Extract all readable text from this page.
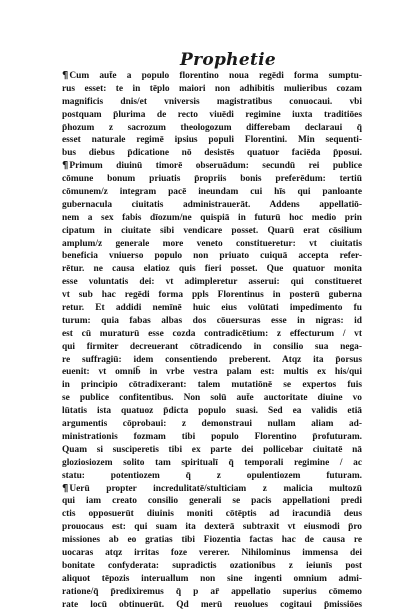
Prophetie
¶Cum aut̄e a populo florentino noua regēdi forma sumptu-
rus esset: te in tēplo maiori non adhibitis mulieribus cozam
magnificis dnis/et vniversis magistratibus conuocaui. vbi
postquam p̄lurima de recto viuēdi regimine iuxta traditiōes
p̄hozum z sacrozum theologozum differebam declaraui q̄
esset naturale regimē ipsius populi Florentini. Min sequenti-
bus diebus p̄dicatione nō desistēs quatuor faciēda p̄posui.
¶Primum diuinū timorē obseruādum: secundū rei publice
cōmune bonum priuatis p̄ropriis bonis preferēdum: tertiū
cōmunem/z integram pacē ineundam cui hīs qui panloante
gubernacula ciuitatis administrauerāt. Addens appellatiō-
nem a sex fabis dīozum/ne quispiā in futurū hoc medio prin
cipatum in ciuitate sibi vendicare posset. Quarū erat cōsilium
amplum/z generale more veneto constitueretur: vt ciuitatis
beneficia vniuerso populo non priuato cuiquā accepta refer-
rētur. ne causa elatioz quis fieri posset. Que quatuor monita
esse voluntatis dei: vt adimpleretur asserui: qui constitueret
vt sub hac regēdi forma ppls Florentinus in posterū guberna
retur. Et addidi nemīnē huic eius volūtati impedimento fu
turum: quia fabas albas dos cōuersuras esse in nigras: id
est cū muraturū esse cozda contradicētium: z effecturum / vt
qui firmiter decreuerant cōtradicendo in consilio sua nega-
re suffragiū: idem consentiendo preberent. Atqz ita p̄orsus
euenit: vt omnib̄ in vrbe vestra palam est: multis ex his/qui
in principio cōtradixerant: talem mutatiōnē se expertos fuis
se publice confitentibus. Non solū aut̄e auctoritate diuine vo
lūtatis ista quatuoz p̄dicta populo suasi. Sed ea validis etiā
argumentis cōprobaui: z demonstraui nullam aliam ad-
ministrationis fozmam tibi populo Florentino p̄rofuturam.
Quam si susciperetis tibi ex parte dei pollicebar ciuitatē nā
gloziosiozem solito tam spiritualī q̄ temporali regimine / ac
statu: potentiozem q̄ z opulentiozem futuram.
¶Uerū propter incredulitatē/stulticiam z malicia multozū
qui iam creato consilio generali se pacis appellationi predi
ctis opposuerūt diuinis moniti cōtēptis ad iracundiā deus
prouocaus est: qui suam ita dexterā subtraxit vt eiusmodi p̄ro
missiones ab eo gratias tibi Fiozentia factas hac de causa re
uocaras atqz irritas foze vererer. Nihilominus immensa dei
bonitate confyderata: supradictis ozationibus z ieiunīs post
aliquot tēpozis interuallum non sine ingenti omnium admi-
ratione/q̄ p̄redixiremus q̄ p ar̄ appellatio superius cōmemo
rate locū obtinuerūt. Qd merū reuolues cogitaui p̄missiōes
